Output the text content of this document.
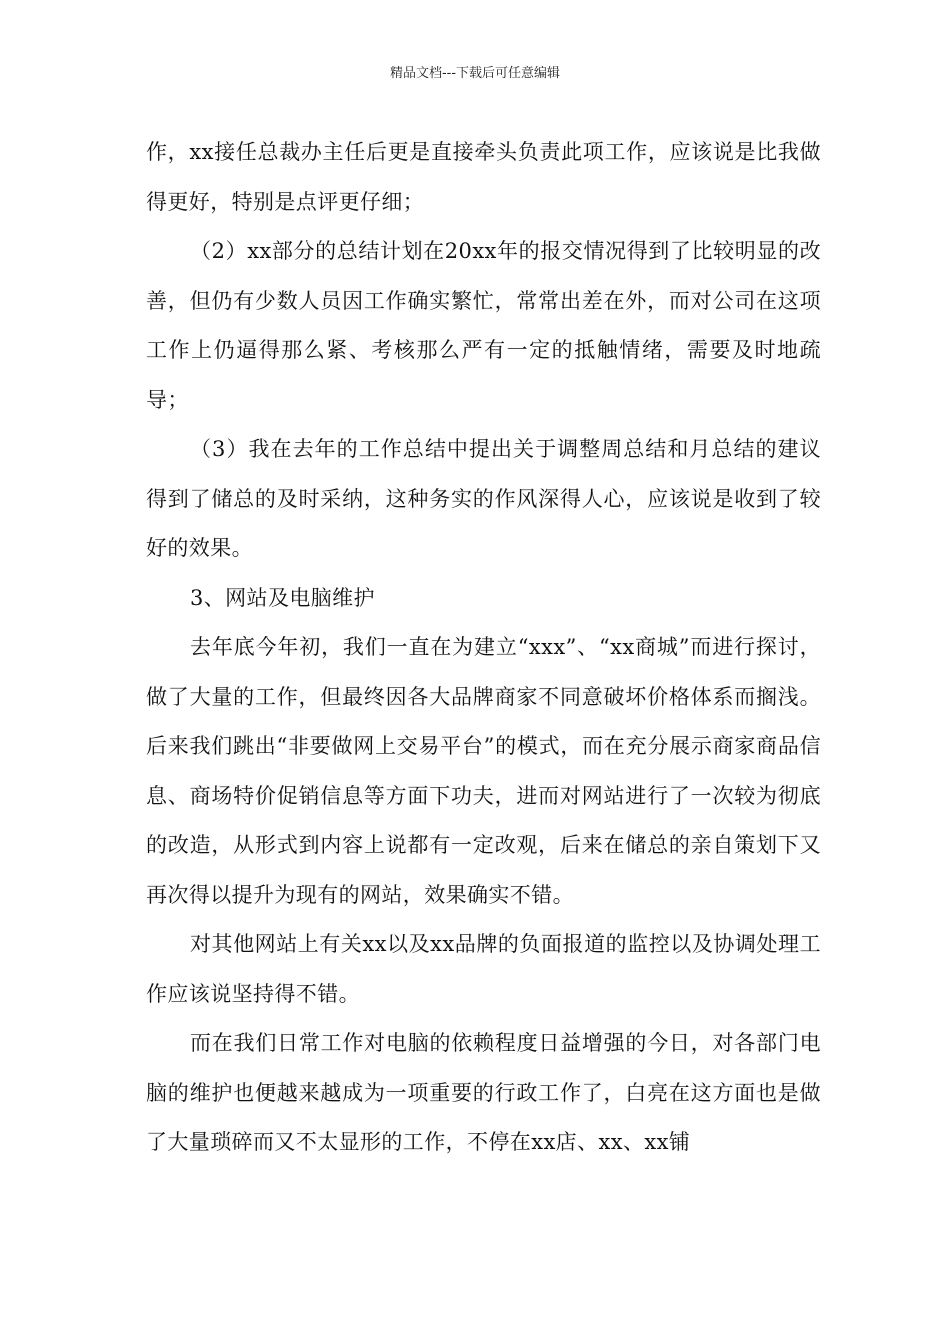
精品文档---下载后可任意编辑

作，xx接任总裁办主任后更是直接牵头负责此项工作，应该说是比我做得更好，特别是点评更仔细；

（2）xx部分的总结计划在20xx年的报交情况得到了比较明显的改善，但仍有少数人员因工作确实繁忙，常常出差在外，而对公司在这项工作上仍逼得那么紧、考核那么严有一定的抵触情绪，需要及时地疏导；

（3）我在去年的工作总结中提出关于调整周总结和月总结的建议得到了储总的及时采纳，这种务实的作风深得人心，应该说是收到了较好的效果。

3、网站及电脑维护

去年底今年初，我们一直在为建立“xxx”、“xx商城”而进行探讨，做了大量的工作，但最终因各大品牌商家不同意破坏价格体系而搁浅。后来我们跳出“非要做网上交易平台”的模式，而在充分展示商家商品信息、商场特价促销信息等方面下功夫，进而对网站进行了一次较为彻底的改造，从形式到内容上说都有一定改观，后来在储总的亲自策划下又再次得以提升为现有的网站，效果确实不错。

对其他网站上有关xx以及xx品牌的负面报道的监控以及协调处理工作应该说坚持得不错。

而在我们日常工作对电脑的依赖程度日益增强的今日，对各部门电脑的维护也便越来越成为一项重要的行政工作了，白亮在这方面也是做了大量琐碎而又不太显形的工作，不停在xx店、xx、xx铺
